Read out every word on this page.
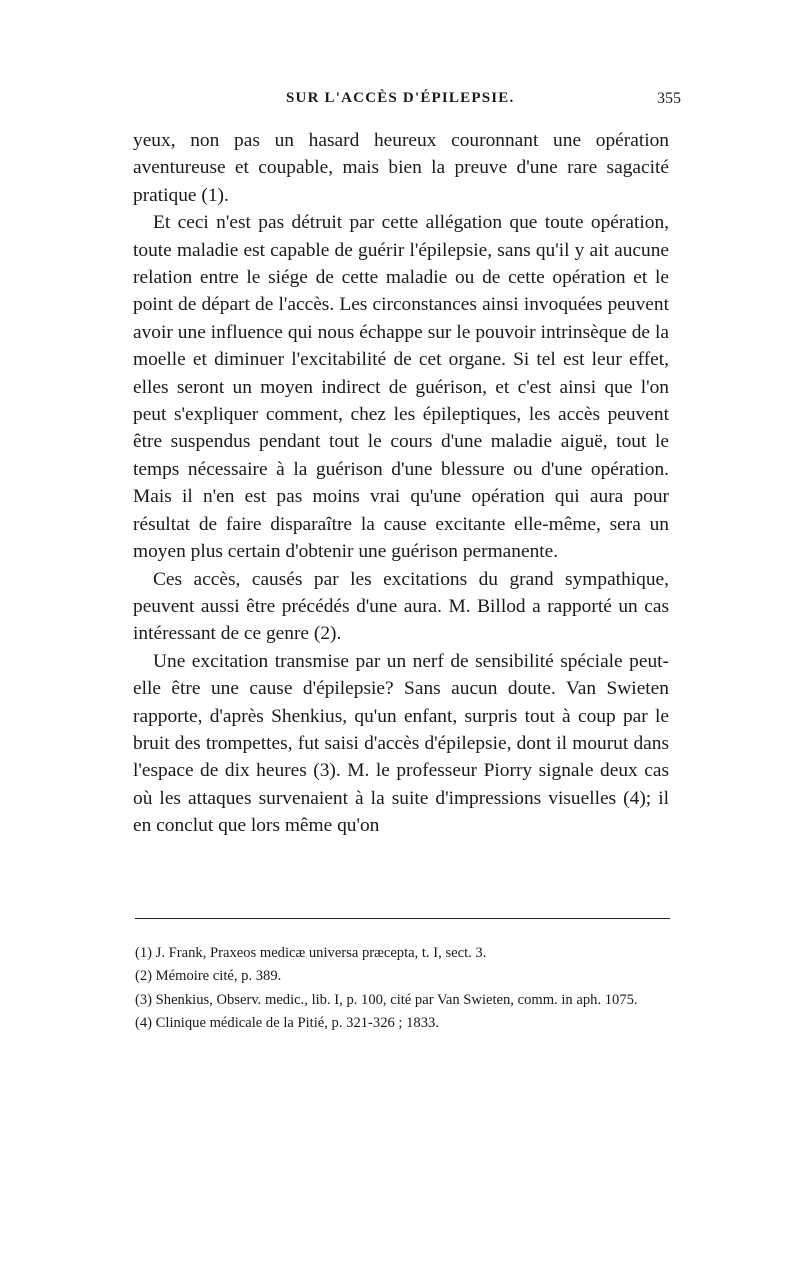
SUR L'ACCÈS D'ÉPILEPSIE.	355

yeux, non pas un hasard heureux couronnant une opération aventureuse et coupable, mais bien la preuve d'une rare sagacité pratique (1).

Et ceci n'est pas détruit par cette allégation que toute opération, toute maladie est capable de guérir l'épilepsie, sans qu'il y ait aucune relation entre le siége de cette maladie ou de cette opération et le point de départ de l'accès. Les circonstances ainsi invoquées peuvent avoir une influence qui nous échappe sur le pouvoir intrinsèque de la moelle et diminuer l'excitabilité de cet organe. Si tel est leur effet, elles seront un moyen indirect de guérison, et c'est ainsi que l'on peut s'expliquer comment, chez les épileptiques, les accès peuvent être suspendus pendant tout le cours d'une maladie aiguë, tout le temps nécessaire à la guérison d'une blessure ou d'une opération. Mais il n'en est pas moins vrai qu'une opération qui aura pour résultat de faire disparaître la cause excitante elle-même, sera un moyen plus certain d'obtenir une guérison permanente.

Ces accès, causés par les excitations du grand sympathique, peuvent aussi être précédés d'une aura. M. Billod a rapporté un cas intéressant de ce genre (2).

Une excitation transmise par un nerf de sensibilité spéciale peut-elle être une cause d'épilepsie? Sans aucun doute. Van Swieten rapporte, d'après Shenkius, qu'un enfant, surpris tout à coup par le bruit des trompettes, fut saisi d'accès d'épilepsie, dont il mourut dans l'espace de dix heures (3). M. le professeur Piorry signale deux cas où les attaques survenaient à la suite d'impressions visuelles (4); il en conclut que lors même qu'on

(1) J. Frank, Praxeos medicæ universa præcepta, t. I, sect. 3.

(2) Mémoire cité, p. 389.

(3) Shenkius, Observ. medic., lib. I, p. 100, cité par Van Swieten, comm. in aph. 1075.

(4) Clinique médicale de la Pitié, p. 321-326 ; 1833.
